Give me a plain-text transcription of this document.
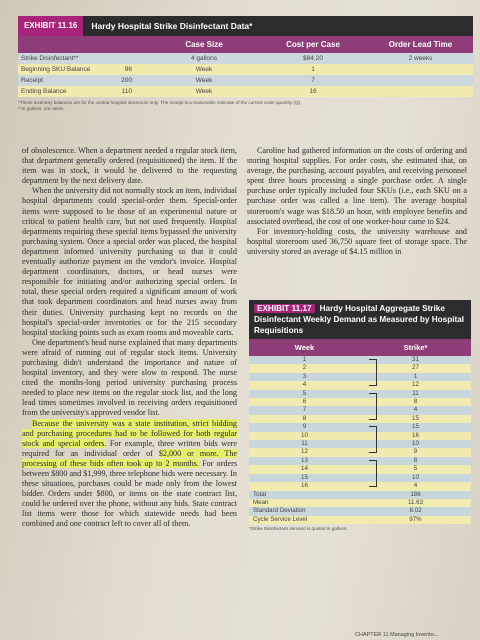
EXHIBIT 11.16	Hardy Hospital Strike Disinfectant Data*
		Case Size	Cost per Case	Order Lead Time
Strike Disinfectant**		4 gallons	$84.20	2 weeks
Beginning SKU Balance	96	Week	1	
Receipt	200	Week	7	
Ending Balance	110	Week	16	
*These inventory balances are for the central hospital storeroom only. The receipt is a reasonable estimate of the current order quantity (Q).
**In gallons, not cases.

of obsolescence. When a department needed a regular stock item, that department generally ordered (requisitioned) the item. If the item was in stock, it would be delivered to the requesting department by the next delivery date.

When the university did not normally stock an item, individual hospital departments could special-order them. Special-order items were supposed to be those of an experimental nature or critical to patient health care, but not used frequently. Hospital departments requiring these special items bypassed the university purchasing system. Once a special order was placed, the hospital department informed university purchasing so that it could eventually authorize payment on the vendor's invoice. Hospital department coordinators, doctors, or head nurses were responsible for initiating and/or authorizing special orders. In total, these special orders required a significant amount of work that took department coordinators and head nurses away from their duties. University purchasing kept no records on the hospital's special-order inventories or for the 215 secondary hospital stocking points such as exam rooms and moveable carts.

One department's head nurse explained that many departments were afraid of running out of regular stock items. University purchasing didn't understand the importance and nature of hospital inventory, and they were slow to respond. The nurse cited the months-long period university purchasing process needed to place new items on the regular stock list, and the long lead times sometimes involved in receiving orders requisitioned from the university's approved vendor list.

Because the university was a state institution, strict bidding and purchasing procedures had to be followed for both regular stock and special orders. For example, three written bids were required for an individual order of $2,000 or more. The processing of these bids often took up to 2 months. For orders between $800 and $1,999, three telephone bids were necessary. In these situations, purchases could be made only from the lowest bidder. Orders under $800, or items on the state contract list, could be ordered over the phone, without any bids. State contract list items were those for which statewide needs had been combined and one contract left to cover all of them.

Caroline had gathered information on the costs of ordering and storing hospital supplies. For order costs, she estimated that, on average, the purchasing, account payables, and receiving personnel spent three hours processing a single purchase order. A single purchase order typically included four SKUs (i.e., each SKU on a purchase order was called a line item). The average hospital storeroom's wage was $18.50 an hour, with employee benefits and associated overhead, the cost of one worker-hour came to $24.

For inventory-holding costs, the university warehouse and hospital storeroom used 36,750 square feet of storage space. The university stored an average of $4.15 million in

EXHIBIT 11.17 Hardy Hospital Aggregate Strike Disinfectant Weekly Demand as Measured by Hospital Requisitions
Week	Strike*
1	31
2	27
3	1
4	12
5	11
6	8
7	4
8	15
9	15
10	16
11	10
12	9
13	8
14	5
15	10
16	4
Total	186
Mean	11.63
Standard Deviation	8.02
Cycle Service Level	97%
*Strike Disinfectant demand is quoted in gallons.
CHAPTER 11 Managing Invento...
